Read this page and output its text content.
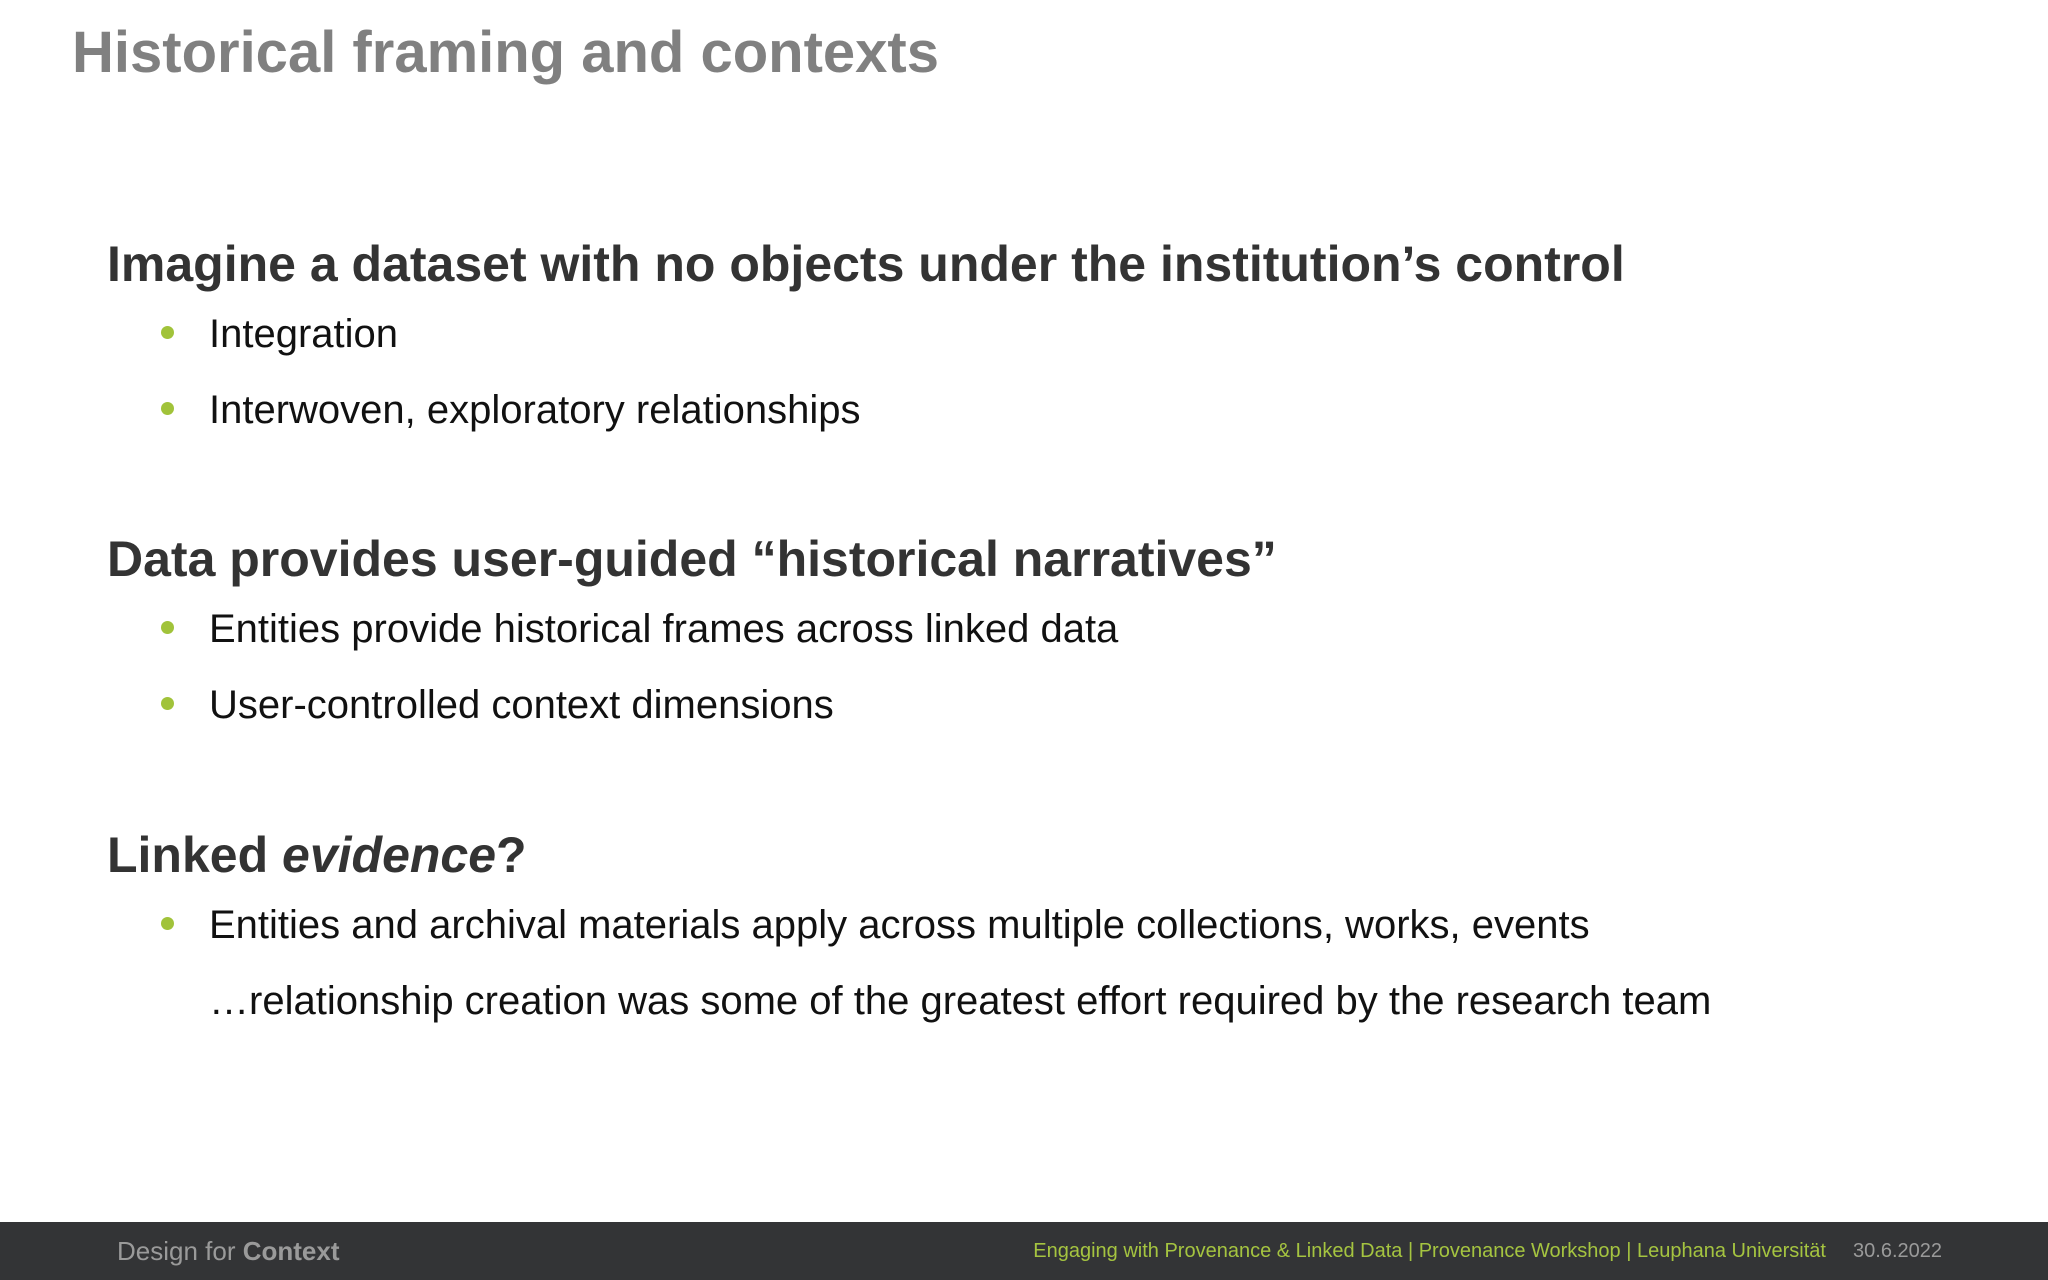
Historical framing and contexts
Imagine a dataset with no objects under the institution’s control
Integration
Interwoven, exploratory relationships
Data provides user-guided “historical narratives”
Entities provide historical frames across linked data
User-controlled context dimensions
Linked evidence?
Entities and archival materials apply across multiple collections, works, events

…relationship creation was some of the greatest effort required by the research team

Design for Context	Engaging with Provenance & Linked Data | Provenance Workshop | Leuphana Universität 30.6.2022
